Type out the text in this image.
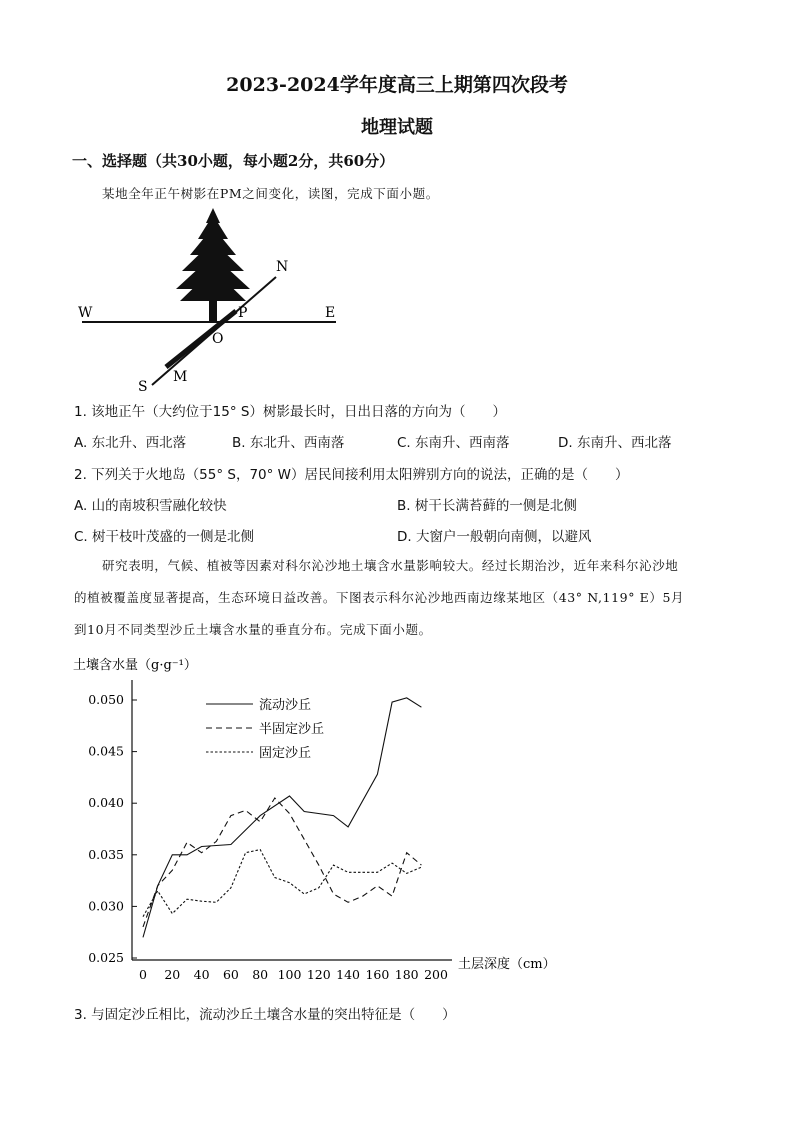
2023-2024学年度高三上期第四次段考
地理试题
一、选择题（共30小题，每小题2分，共60分）
某地全年正午树影在PM之间变化，读图，完成下面小题。
W	E
N
S
O
P
M
1. 该地正午（大约位于15° S）树影最长时，日出日落的方向为（　　）
A. 东北升、西北落	B. 东北升、西南落	C. 东南升、西南落	D. 东南升、西北落
2. 下列关于火地岛（55° S，70° W）居民间接利用太阳辨别方向的说法，正确的是（　　）
A. 山的南坡积雪融化较快	B. 树干长满苔藓的一侧是北侧
C. 树干枝叶茂盛的一侧是北侧	D. 大窗户一般朝向南侧，以避风
研究表明，气候、植被等因素对科尔沁沙地土壤含水量影响较大。经过长期治沙，近年来科尔沁沙地
的植被覆盖度显著提高，生态环境日益改善。下图表示科尔沁沙地西南边缘某地区（43° N,119° E）5月
到10月不同类型沙丘土壤含水量的垂直分布。完成下面小题。
土壤含水量（g·g⁻¹）
土层深度（cm）
0.025
0.030
0.035
0.040
0.045
0.050
0 20 40 60 80 100 120 140 160 180 200
流动沙丘
半固定沙丘
固定沙丘
3. 与固定沙丘相比，流动沙丘土壤含水量的突出特征是（　　）
